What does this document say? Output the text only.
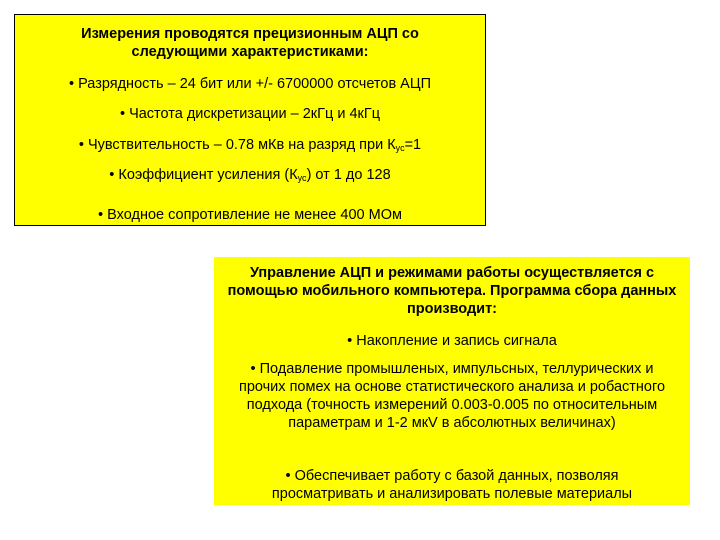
Измерения проводятся прецизионным АЦП со следующими характеристиками:

• Разрядность – 24 бит или +/- 6700000 отсчетов АЦП

• Частота дискретизации – 2кГц и 4кГц

• Чувствительность – 0.78 мКв на разряд при $К_{ус}=1$

• Коэффициент усиления $(К_{ус})$ от 1 до 128

• Входное сопротивление не менее 400 МОм

Управление АЦП и режимами работы осуществляется с помощью мобильного компьютера. Программа сбора данных производит:

• Накопление и запись сигнала

• Подавление промышленых, импульсных, теллурических и прочих помех на основе статистического анализа и робастного подхода (точность измерений 0.003-0.005 по относительным параметрам и 1-2 мкV в абсолютных величинах)

• Обеспечивает работу с базой данных, позволяя просматривать и анализировать полевые материалы
